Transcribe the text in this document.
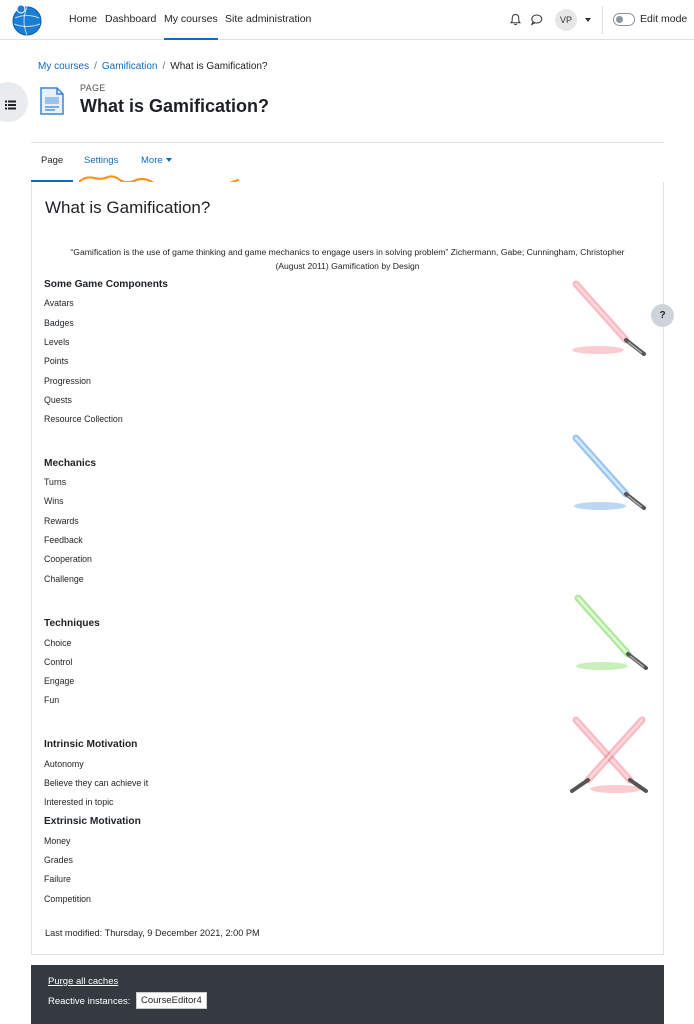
Home Dashboard My courses Site administration	VP	Edit mode
My courses / Gamification / What is Gamification?
PAGE
What is Gamification?
Page	Settings More
What is Gamification?
“Gamification is the use of game thinking and game mechanics to engage users in solving problem” Zichermann, Gabe; Cunningham, Christopher (August 2011) Gamification by Design
Some Game Components
Avatars
Badges
Levels
Points
Progression
Quests
Resource Collection
Mechanics
Turns
Wins
Rewards
Feedback
Cooperation
Challenge
Techniques
Choice
Control
Engage
Fun
Intrinsic Motivation
Autonomy
Believe they can achieve it
Interested in topic
Extrinsic Motivation
Money
Grades
Failure
Competition
?
Last modified: Thursday, 9 December 2021, 2:00 PM
Purge all caches
Reactive instances:	CourseEditor4
